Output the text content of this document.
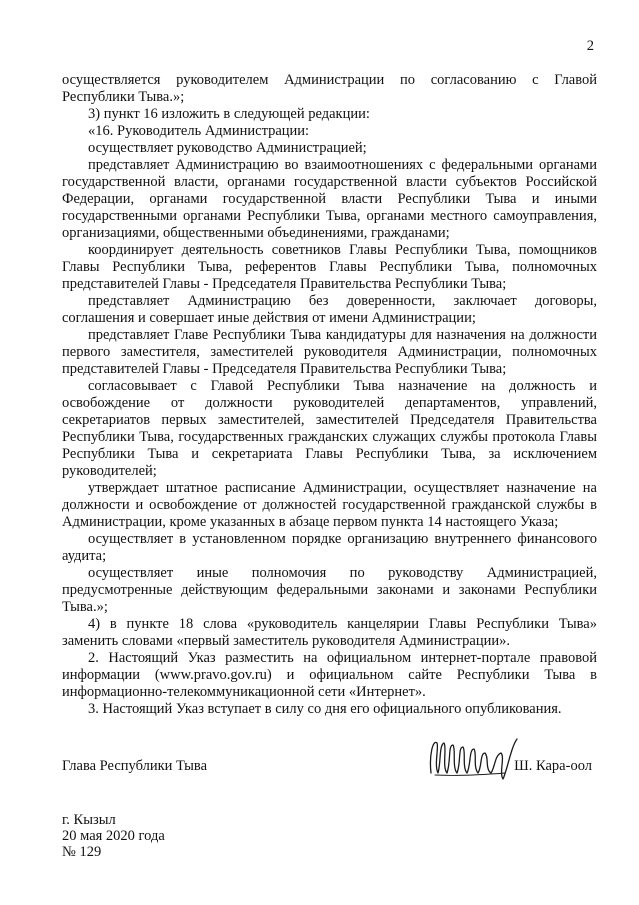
2
осуществляется руководителем Администрации по согласованию с Главой
Республики Тыва.»;
3) пункт 16 изложить в следующей редакции:
«16. Руководитель Администрации:
осуществляет руководство Администрацией;
представляет Администрацию во взаимоотношениях с федеральными органами
государственной власти, органами государственной власти субъектов Российской
Федерации, органами государственной власти Республики Тыва и иными
государственными органами Республики Тыва, органами местного самоуправления,
организациями, общественными объединениями, гражданами;
координирует деятельность советников Главы Республики Тыва, помощников
Главы Республики Тыва, референтов Главы Республики Тыва, полномочных
представителей Главы - Председателя Правительства Республики Тыва;
представляет Администрацию без доверенности, заключает договоры,
соглашения и совершает иные действия от имени Администрации;
представляет Главе Республики Тыва кандидатуры для назначения на должности
первого заместителя, заместителей руководителя Администрации, полномочных
представителей Главы - Председателя Правительства Республики Тыва;
согласовывает с Главой Республики Тыва назначение на должность и
освобождение от должности руководителей департаментов, управлений,
секретариатов первых заместителей, заместителей Председателя Правительства
Республики Тыва, государственных гражданских служащих службы протокола Главы
Республики Тыва и секретариата Главы Республики Тыва, за исключением
руководителей;
утверждает штатное расписание Администрации, осуществляет назначение на
должности и освобождение от должностей государственной гражданской службы в
Администрации, кроме указанных в абзаце первом пункта 14 настоящего Указа;
осуществляет в установленном порядке организацию внутреннего финансового
аудита;
осуществляет иные полномочия по руководству Администрацией,
предусмотренные действующим федеральными законами и законами Республики
Тыва.»;
4) в пункте 18 слова «руководитель канцелярии Главы Республики Тыва»
заменить словами «первый заместитель руководителя Администрации».
2. Настоящий Указ разместить на официальном интернет-портале правовой
информации (www.pravo.gov.ru) и официальном сайте Республики Тыва в
информационно-телекоммуникационной сети «Интернет».
3. Настоящий Указ вступает в силу со дня его официального опубликования.
Глава Республики Тыва	Ш. Кара-оол
г. Кызыл
20 мая 2020 года
№ 129
